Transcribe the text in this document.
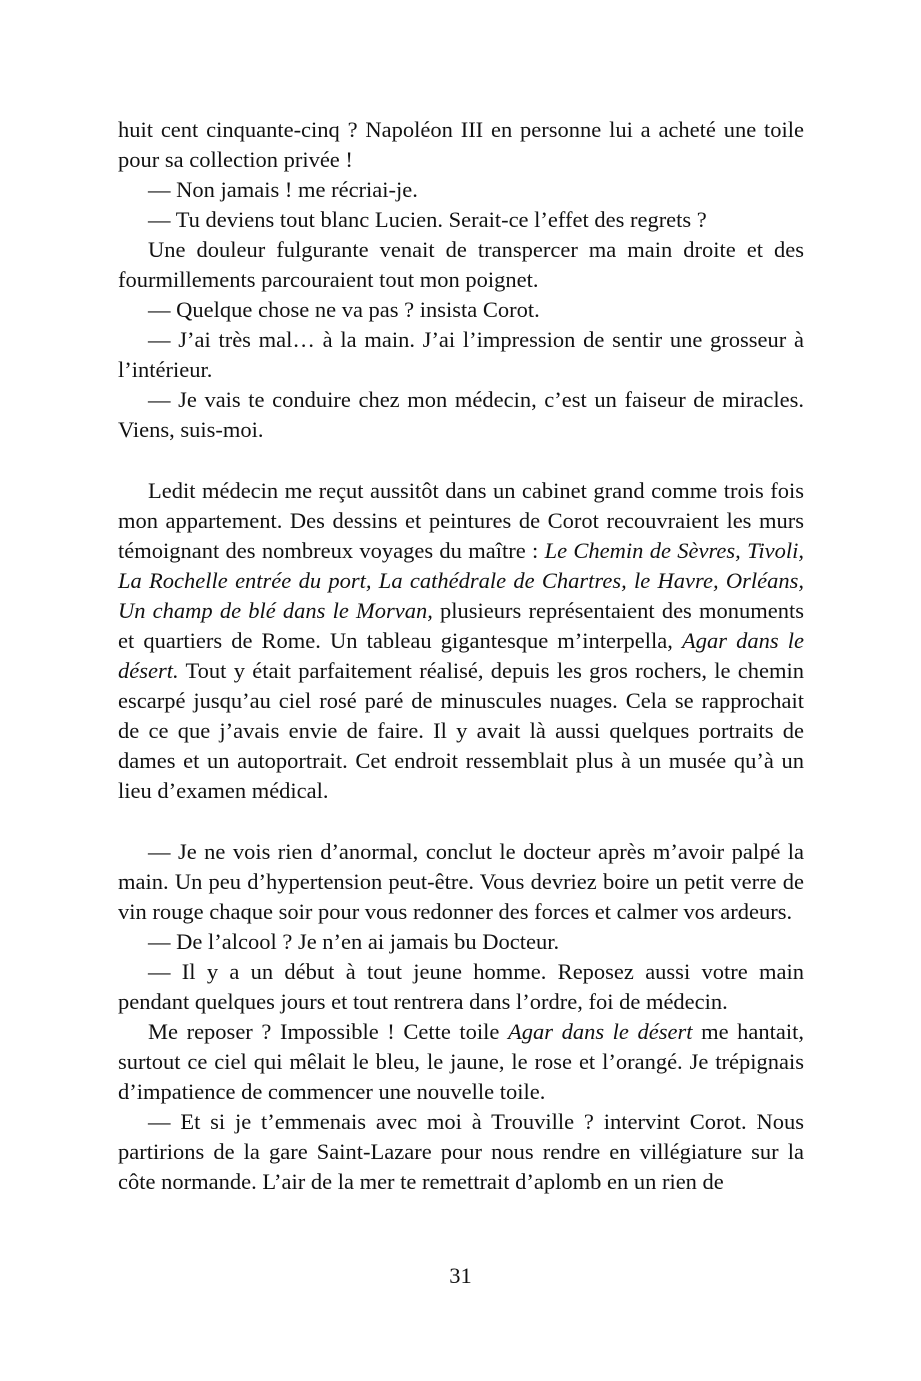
huit cent cinquante-cinq ? Napoléon III en personne lui a acheté une toile pour sa collection privée !

— Non jamais ! me récriai-je.

— Tu deviens tout blanc Lucien. Serait-ce l’effet des regrets ?

Une douleur fulgurante venait de transpercer ma main droite et des fourmillements parcouraient tout mon poignet.

— Quelque chose ne va pas ? insista Corot.

— J’ai très mal… à la main. J’ai l’impression de sentir une grosseur à l’intérieur.

— Je vais te conduire chez mon médecin, c’est un faiseur de miracles. Viens, suis-moi.

Ledit médecin me reçut aussitôt dans un cabinet grand comme trois fois mon appartement. Des dessins et peintures de Corot recouvraient les murs témoignant des nombreux voyages du maître : Le Chemin de Sèvres, Tivoli, La Rochelle entrée du port, La cathédrale de Chartres, le Havre, Orléans, Un champ de blé dans le Morvan, plusieurs représentaient des monuments et quartiers de Rome. Un tableau gigantesque m’interpella, Agar dans le désert. Tout y était parfaitement réalisé, depuis les gros rochers, le chemin escarpé jusqu’au ciel rosé paré de minuscules nuages. Cela se rapprochait de ce que j’avais envie de faire. Il y avait là aussi quelques portraits de dames et un autoportrait. Cet endroit ressemblait plus à un musée qu’à un lieu d’examen médical.

— Je ne vois rien d’anormal, conclut le docteur après m’avoir palpé la main. Un peu d’hypertension peut-être. Vous devriez boire un petit verre de vin rouge chaque soir pour vous redonner des forces et calmer vos ardeurs.

— De l’alcool ? Je n’en ai jamais bu Docteur.

— Il y a un début à tout jeune homme. Reposez aussi votre main pendant quelques jours et tout rentrera dans l’ordre, foi de médecin.

Me reposer ? Impossible ! Cette toile Agar dans le désert me hantait, surtout ce ciel qui mêlait le bleu, le jaune, le rose et l’orangé. Je trépignais d’impatience de commencer une nouvelle toile.

— Et si je t’emmenais avec moi à Trouville ? intervint Corot. Nous partirions de la gare Saint-Lazare pour nous rendre en villégiature sur la côte normande. L’air de la mer te remettrait d’aplomb en un rien de

31
